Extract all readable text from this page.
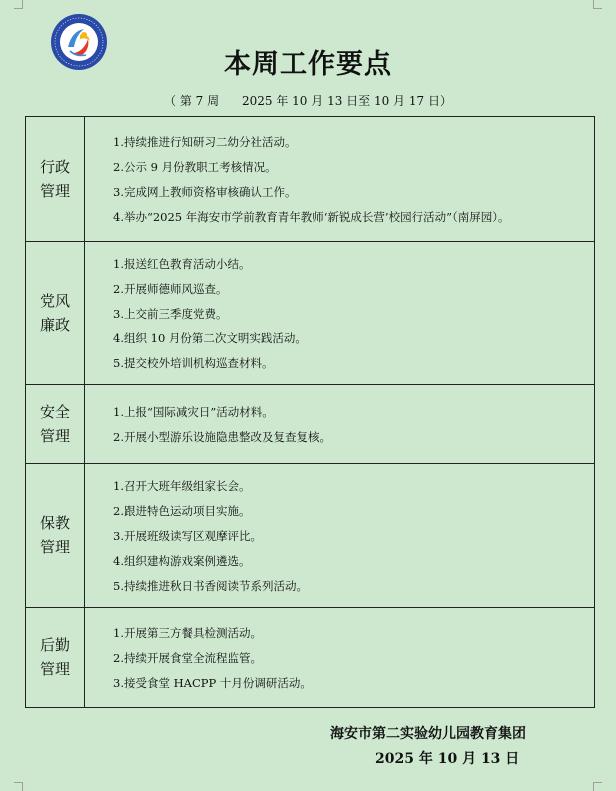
本周工作要点
（ 第 7 周      2025 年 10 月 13 日至 10 月 17 日）
行政管理	1.持续推进行知研习二幼分社活动。
2.公示 9 月份教职工考核情况。
3.完成网上教师资格审核确认工作。
4.举办“2025 年海安市学前教育青年教师‘新锐成长营’校园行活动”（南屏园）。

党风廉政	1.报送红色教育活动小结。
2.开展师德师风巡查。
3.上交前三季度党费。
4.组织 10 月份第二次文明实践活动。
5.提交校外培训机构巡查材料。

安全管理	1.上报“国际减灾日”活动材料。
2.开展小型游乐设施隐患整改及复查复核。

保教管理	1.召开大班年级组家长会。
2.跟进特色运动项目实施。
3.开展班级读写区观摩评比。
4.组织建构游戏案例遴选。
5.持续推进秋日书香阅读节系列活动。

后勤管理	1.开展第三方餐具检测活动。
2.持续开展食堂全流程监管。
3.接受食堂 HACPP 十月份调研活动。
海安市第二实验幼儿园教育集团
2025 年 10 月 13 日
